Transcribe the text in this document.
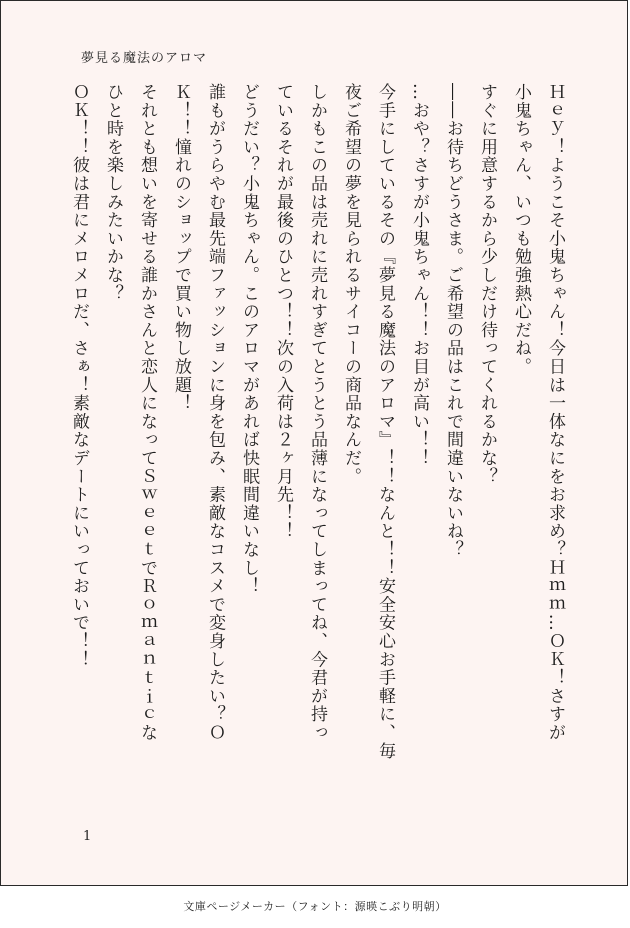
夢見る魔法のアロマ
Ｈｅｙ！ようこそ小鬼ちゃん！今日は一体なにをお求め？Ｈｍｍ…ＯＫ！さすが
小鬼ちゃん、いつも勉強熱心だね。
すぐに用意するから少しだけ待ってくれるかな？
――お待ちどうさま。ご希望の品はこれで間違いないね？
…おや？さすが小鬼ちゃん！！お目が高い！！
今手にしているその『夢見る魔法のアロマ』！！なんと！！安全安心お手軽に、毎
夜ご希望の夢を見られるサイコーの商品なんだ。
しかもこの品は売れに売れすぎてとうとう品薄になってしまってね、今君が持っ
ているそれが最後のひとつ！！次の入荷は２ヶ月先！！
どうだい？小鬼ちゃん。このアロマがあれば快眠間違いなし！
誰もがうらやむ最先端ファッションに身を包み、素敵なコスメで変身したい？Ｏ
Ｋ！！憧れのショップで買い物し放題！
それとも想いを寄せる誰かさんと恋人になってＳｗｅｅｔでＲｏｍａｎｔｉｃな
ひと時を楽しみたいかな？
ＯＫ！！彼は君にメロメロだ、さぁ！素敵なデートにいっておいで！！
1
文庫ページメーカー（フォント：源暎こぶり明朝）
